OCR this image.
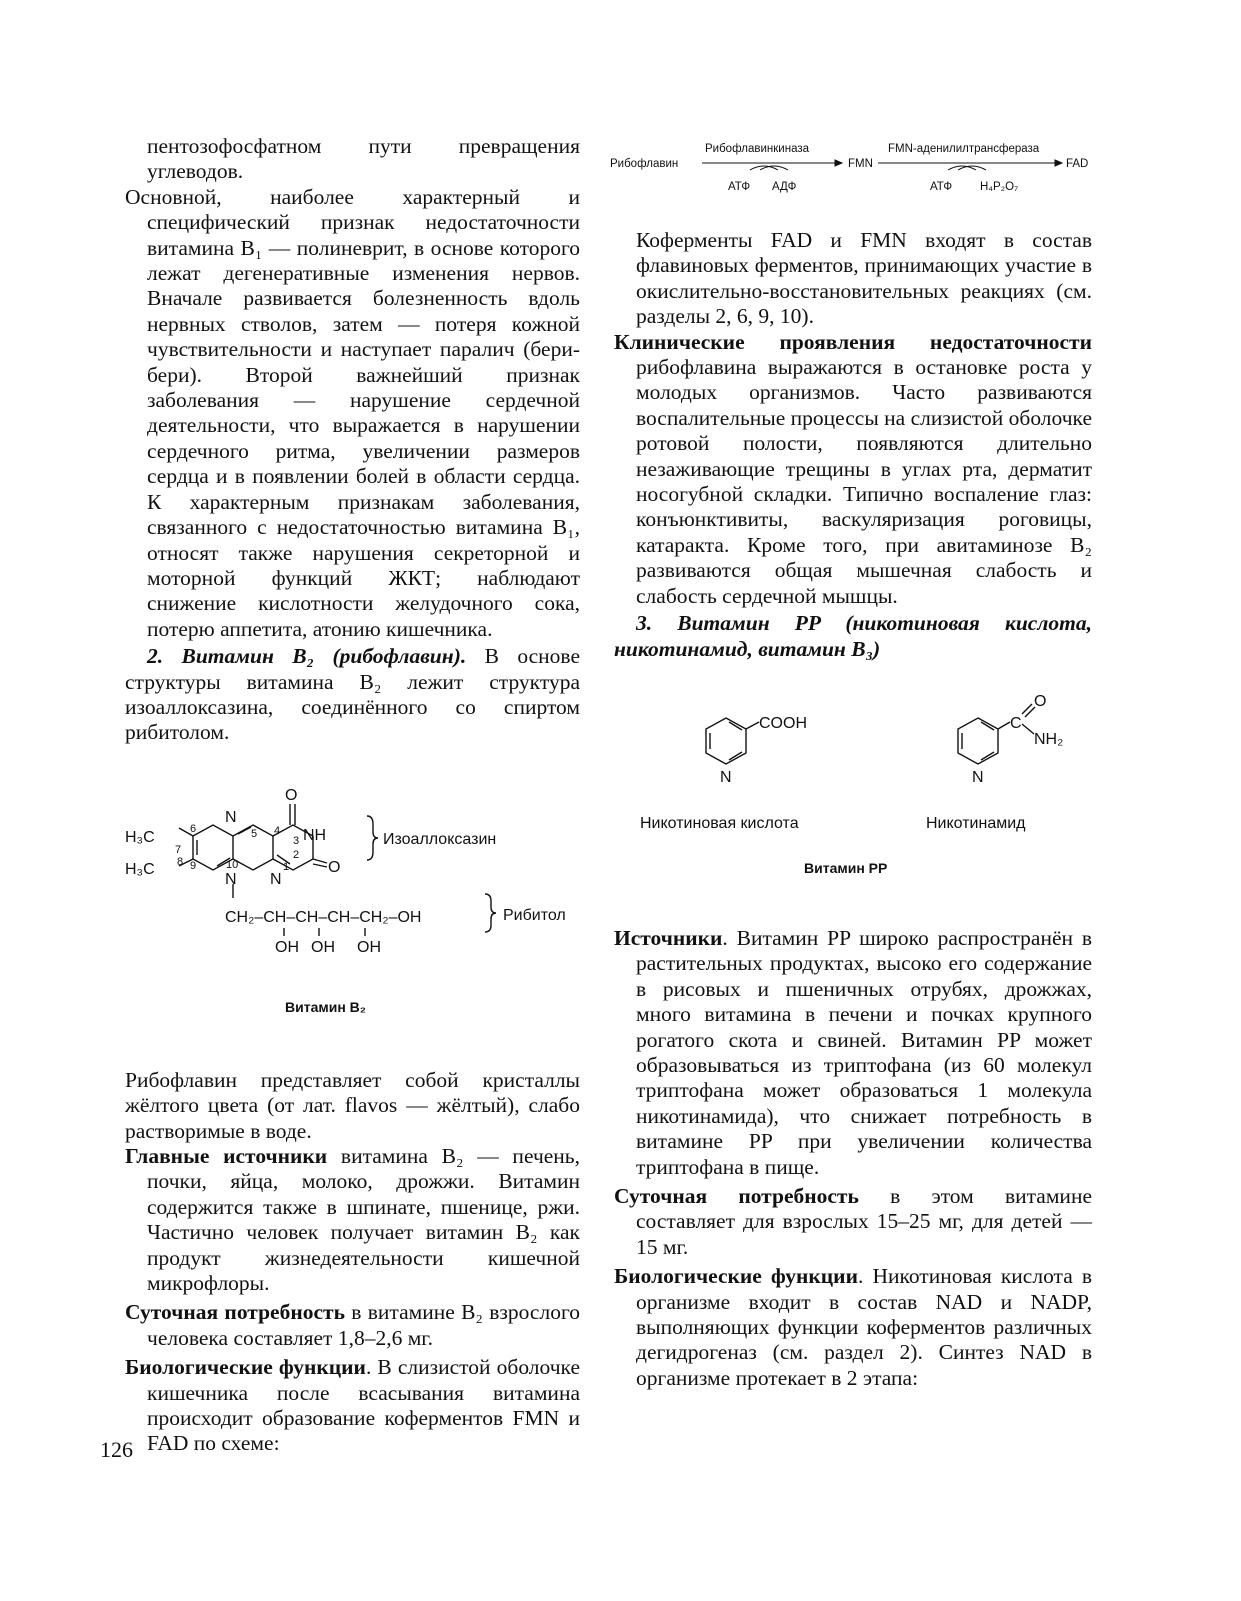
пентозофосфатном пути превращения углеводов.

Основной, наиболее характерный и специфический признак недостаточности витамина B₁ — полиневрит, в основе которого лежат дегенеративные изменения нервов. Вначале развивается болезненность вдоль нервных стволов, затем — потеря кожной чувствительности и наступает паралич (бери-бери). Второй важнейший признак заболевания — нарушение сердечной деятельности, что выражается в нарушении сердечного ритма, увеличении размеров сердца и в появлении болей в области сердца. К характерным признакам заболевания, связанного с недостаточностью витамина B₁, относят также нарушения секреторной и моторной функций ЖКТ; наблюдают снижение кислотности желудочного сока, потерю аппетита, атонию кишечника.

2. Витамин B₂ (рибофлавин). В основе структуры витамина B₂ лежит структура изоаллоксазина, соединённого со спиртом рибитолом.

H₃C
H₃C
N
N N
NH
O
O
CH₂–CH–CH–CH–CH₂–OH
OH OH OH
Изоаллоксазин
Рибитол
6
7
8 9	10
5 4
3
2
1
Витамин B₂

Рибофлавин представляет собой кристаллы жёлтого цвета (от лат. flavos — жёлтый), слабо растворимые в воде.

Главные источники витамина B₂ — печень, почки, яйца, молоко, дрожжи. Витамин содержится также в шпинате, пшенице, ржи. Частично человек получает витамин B₂ как продукт жизнедеятельности кишечной микрофлоры.

Суточная потребность в витамине B₂ взрослого человека составляет 1,8–2,6 мг.

Биологические функции. В слизистой оболочке кишечника после всасывания витамина происходит образование коферментов FMN и FAD по схеме:

Рибофлавин
Рибофлавинкиназа
FMN
FMN-аденилилтрансфераза
FAD
АТФ АДФ	АТФ H₄P₂O₇

Коферменты FAD и FMN входят в состав флавиновых ферментов, принимающих участие в окислительно-восстановительных реакциях (см. разделы 2, 6, 9, 10).

Клинические проявления недостаточности рибофлавина выражаются в остановке роста у молодых организмов. Часто развиваются воспалительные процессы на слизистой оболочке ротовой полости, появляются длительно незаживающие трещины в углах рта, дерматит носогубной складки. Типично воспаление глаз: конъюнктивиты, васкуляризация роговицы, катаракта. Кроме того, при авитаминозе B₂ развиваются общая мышечная слабость и слабость сердечной мышцы.

3. Витамин PP (никотиновая кислота, никотинамид, витамин B₃)

COOH
N
O
C
NH₂
N
Никотиновая кислота	Никотинамид
Витамин PP

Источники. Витамин PP широко распространён в растительных продуктах, высоко его содержание в рисовых и пшеничных отрубях, дрожжах, много витамина в печени и почках крупного рогатого скота и свиней. Витамин PP может образовываться из триптофана (из 60 молекул триптофана может образоваться 1 молекула никотинамида), что снижает потребность в витамине PP при увеличении количества триптофана в пище.

Суточная потребность в этом витамине составляет для взрослых 15–25 мг, для детей — 15 мг.

Биологические функции. Никотиновая кислота в организме входит в состав NAD и NADP, выполняющих функции коферментов различных дегидрогеназ (см. раздел 2). Синтез NAD в организме протекает в 2 этапа:

126
